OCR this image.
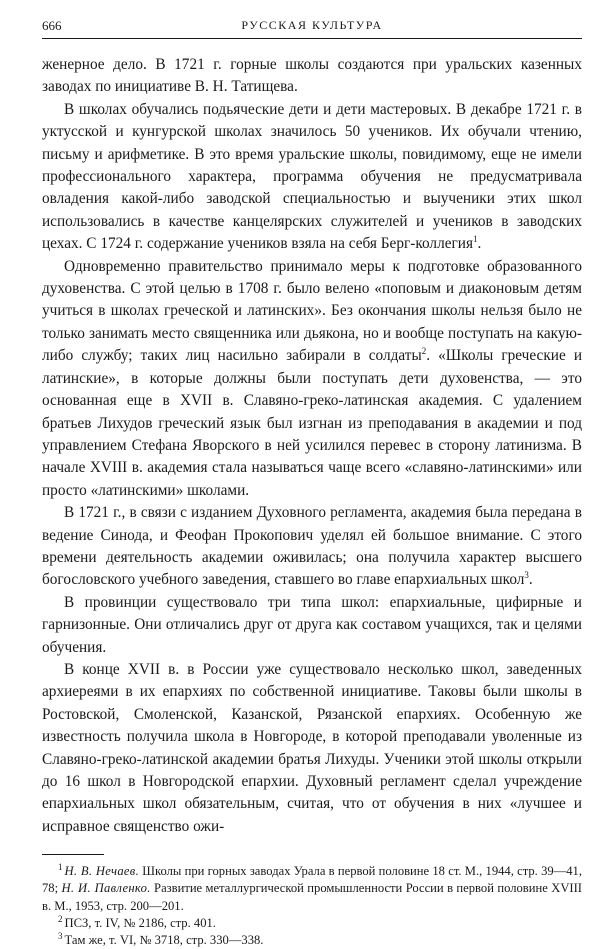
666	РУССКАЯ КУЛЬТУРА

женерное дело. В 1721 г. горные школы создаются при уральских казенных заводах по инициативе В. Н. Татищева.

В школах обучались подьяческие дети и дети мастеровых. В декабре 1721 г. в уктусской и кунгурской школах значилось 50 учеников. Их обучали чтению, письму и арифметике. В это время уральские школы, повидимому, еще не имели профессионального характера, программа обучения не предусматривала овладения какой-либо заводской специальностью и выученики этих школ использовались в качестве канцелярских служителей и учеников в заводских цехах. С 1724 г. содержание учеников взяла на себя Берг-коллегия$^1$.

Одновременно правительство принимало меры к подготовке образованного духовенства. С этой целью в 1708 г. было велено «поповым и диаконовым детям учиться в школах греческой и латинских». Без окончания школы нельзя было не только занимать место священника или дьякона, но и вообще поступать на какую-либо службу; таких лиц насильно забирали в солдаты$^2$. «Школы греческие и латинские», в которые должны были поступать дети духовенства, — это основанная еще в XVII в. Славяно-греко-латинская академия. С удалением братьев Лихудов греческий язык был изгнан из преподавания в академии и под управлением Стефана Яворского в ней усилился перевес в сторону латинизма. В начале XVIII в. академия стала называться чаще всего «славяно-латинскими» или просто «латинскими» школами.

В 1721 г., в связи с изданием Духовного регламента, академия была передана в ведение Синода, и Феофан Прокопович уделял ей большое внимание. С этого времени деятельность академии оживилась; она получила характер высшего богословского учебного заведения, ставшего во главе епархиальных школ$^3$.

В провинции существовало три типа школ: епархиальные, цифирные и гарнизонные. Они отличались друг от друга как составом учащихся, так и целями обучения.

В конце XVII в. в России уже существовало несколько школ, заведенных архиереями в их епархиях по собственной инициативе. Таковы были школы в Ростовской, Смоленской, Казанской, Рязанской епархиях. Особенную же известность получила школа в Новгороде, в которой преподавали уволенные из Славяно-греко-латинской академии братья Лихуды. Ученики этой школы открыли до 16 школ в Новгородской епархии. Духовный регламент сделал учреждение епархиальных школ обязательным, считая, что от обучения в них «лучшее и исправное священство ожи-

$^1$ Н. В. Нечаев. Школы при горных заводах Урала в первой половине 18 ст. М., 1944, стр. 39—41, 78; Н. И. Павленко. Развитие металлургической промышленности России в первой половине XVIII в. М., 1953, стр. 200—201.

$^2$ ПСЗ, т. IV, № 2186, стр. 401.

$^3$ Там же, т. VI, № 3718, стр. 330—338.
